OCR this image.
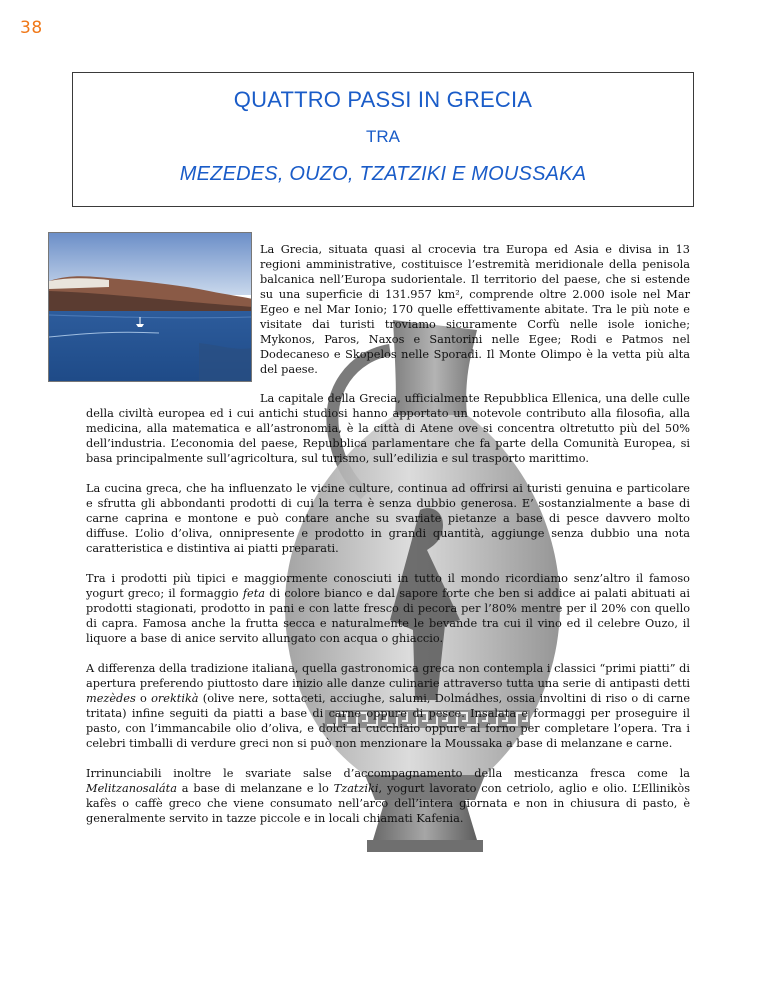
38
QUATTRO PASSI IN GRECIA
TRA
MEZEDES, OUZO, TZATZIKI E MOUSSAKA

La Grecia, situata quasi al crocevia tra Europa ed Asia e divisa in 13 regioni amministrative, costituisce l’estremità meridionale della penisola balcanica nell’Europa sudorientale. Il territorio del paese, che si estende su una superficie di 131.957 km², comprende oltre 2.000 isole nel Mar Egeo e nel Mar Ionio; 170 quelle effettivamente abitate. Tra le più note e visitate dai turisti troviamo sicuramente Corfù nelle isole ioniche; Mykonos, Paros, Naxos e Santorini nelle Egee; Rodi e Patmos nel Dodecaneso e Skopelos nelle Sporadi. Il Monte Olimpo è la vetta più alta del paese.

La capitale della Grecia, ufficialmente Repubblica Ellenica, una delle culle della civiltà europea ed i cui antichi studiosi hanno apportato un notevole contributo alla filosofia, alla medicina, alla matematica e all’astronomia, è la città di Atene ove si concentra oltretutto più del 50% dell’industria. L’economia del paese, Repubblica parlamentare che fa parte della Comunità Europea, si basa principalmente sull’agricoltura, sul turismo, sull’edilizia e sul trasporto marittimo.

La cucina greca, che ha influenzato le vicine culture, continua ad offrirsi ai turisti genuina e particolare e sfrutta gli abbondanti prodotti di cui la terra è senza dubbio generosa. E’ sostanzialmente a base di carne caprina e montone e può contare anche su svariate pietanze a base di pesce davvero molto diffuse. L’olio d’oliva, onnipresente e prodotto in grandi quantità, aggiunge senza dubbio una nota caratteristica e distintiva ai piatti preparati.

Tra i prodotti più tipici e maggiormente conosciuti in tutto il mondo ricordiamo senz’altro il famoso yogurt greco; il formaggio feta di colore bianco e dal sapore forte che ben si addice ai palati abituati ai prodotti stagionati, prodotto in pani e con latte fresco di pecora per l’80% mentre per il 20% con quello di capra. Famosa anche la frutta secca e naturalmente le bevande tra cui il vino ed il celebre Ouzo, il liquore a base di anice servito allungato con acqua o ghiaccio.

A differenza della tradizione italiana, quella gastronomica greca non contempla i classici “primi piatti” di apertura preferendo piuttosto dare inizio alle danze culinarie attraverso tutta una serie di antipasti detti mezèdes o orektikà (olive nere, sottaceti, acciughe, salumi, Dolmádhes, ossia involtini di riso o di carne tritata) infine seguiti da piatti a base di carne oppure di pesce. Insalata e formaggi per proseguire il pasto, con l’immancabile olio d’oliva, e dolci al cucchiaio oppure al forno per completare l’opera. Tra i celebri timballi di verdure greci non si può non menzionare la Moussaka a base di melanzane e carne.

Irrinunciabili inoltre le svariate salse d’accompagnamento della mesticanza fresca come la Melitzanosaláta a base di melanzane e lo Tzatziki, yogurt lavorato con cetriolo, aglio e olio. L’Ellinikòs kafès o caffè greco che viene consumato nell’arco dell’intera giornata e non in chiusura di pasto, è generalmente servito in tazze piccole e in locali chiamati Kafenia.
